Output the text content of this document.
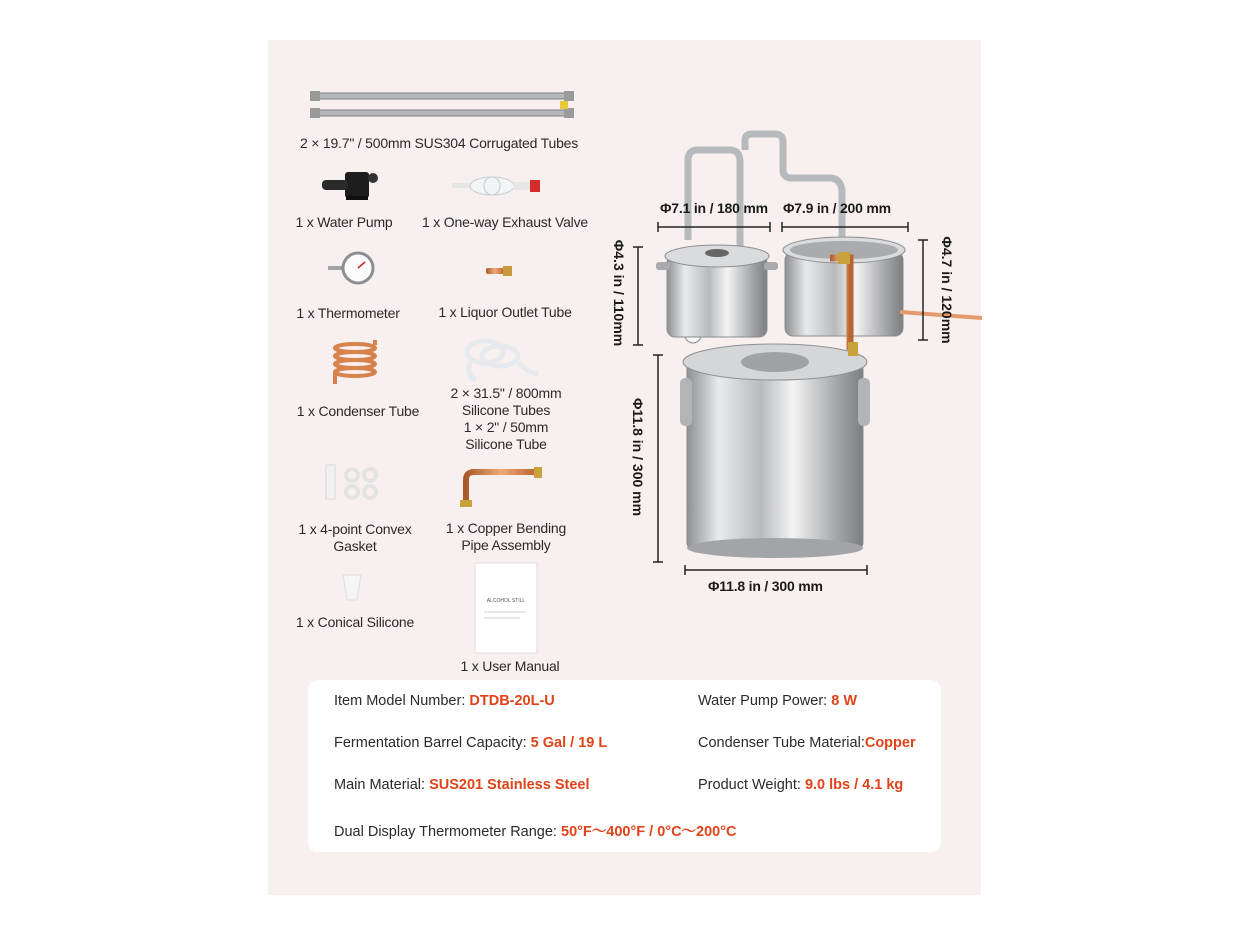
ALCOHOL STILL
2 × 19.7" / 500mm SUS304 Corrugated Tubes
1 x Water Pump	1 x One-way Exhaust Valve
1 x Thermometer	1 x Liquor Outlet Tube
1 x Condenser Tube
2 × 31.5" / 800mm
Silicone Tubes
1 × 2" / 50mm
Silicone Tube
1 x 4-point Convex
Gasket
1 x Copper Bending
Pipe Assembly
1 x Conical Silicone
1 x User Manual
Φ7.1 in / 180 mm Φ7.9 in / 200 mm
Φ4.3 in / 110mm	Φ4.7 in / 120mm
Φ11.8 in / 300 mm
Φ11.8 in / 300 mm
Item Model Number: DTDB-20L-U	Water Pump Power: 8 W
Fermentation Barrel Capacity: 5 Gal / 19 L	Condenser Tube Material:Copper
Main Material: SUS201 Stainless Steel	Product Weight: 9.0 lbs / 4.1 kg
Dual Display Thermometer Range: 50°F～400°F / 0°C～200°C
